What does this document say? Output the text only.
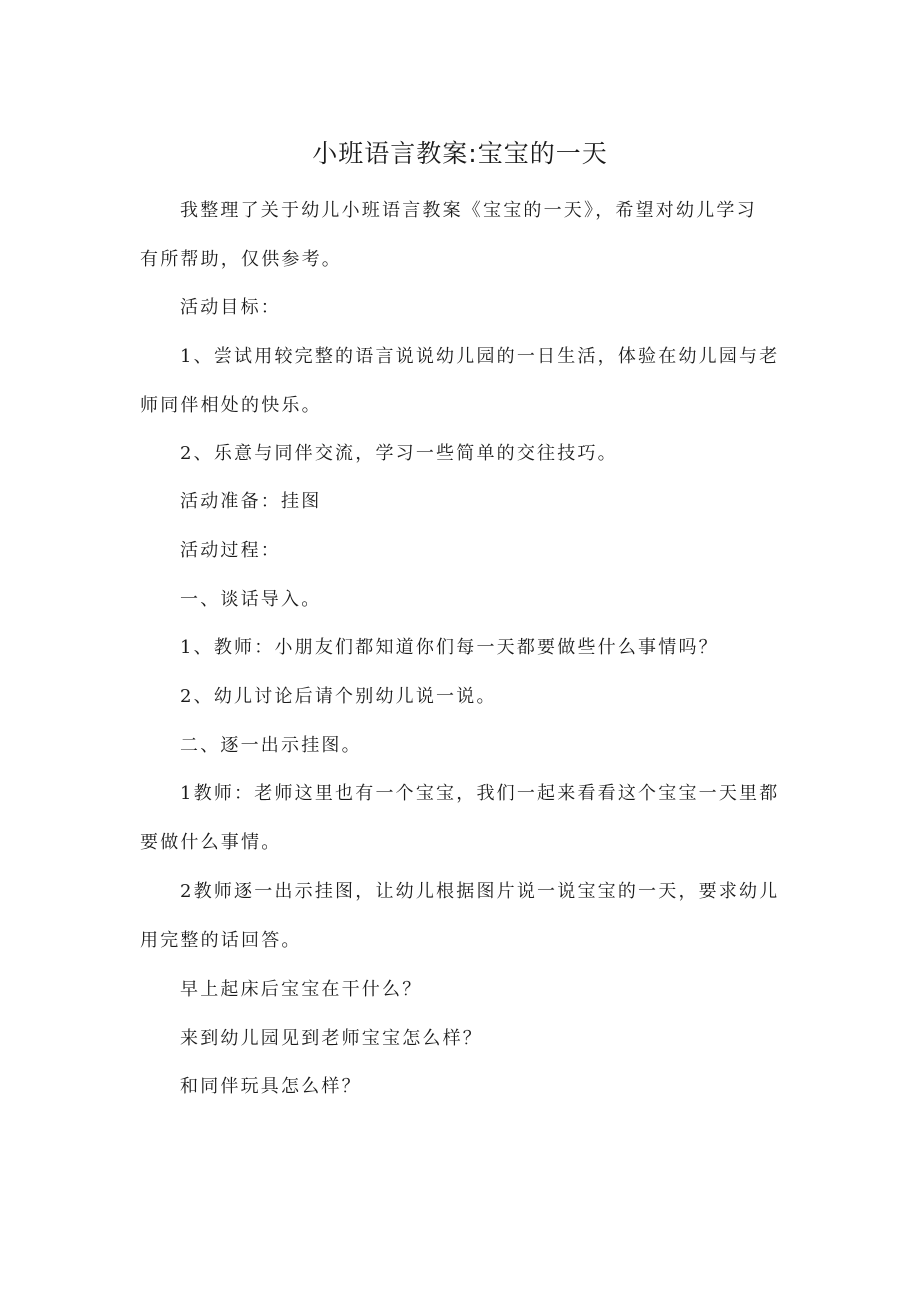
小班语言教案:宝宝的一天
我整理了关于幼儿小班语言教案《宝宝的一天》，希望对幼儿学习
有所帮助，仅供参考。
活动目标：
1、尝试用较完整的语言说说幼儿园的一日生活，体验在幼儿园与老
师同伴相处的快乐。
2、乐意与同伴交流，学习一些简单的交往技巧。
活动准备：挂图
活动过程：
一、谈话导入。
1、教师：小朋友们都知道你们每一天都要做些什么事情吗？
2、幼儿讨论后请个别幼儿说一说。
二、逐一出示挂图。
1教师：老师这里也有一个宝宝，我们一起来看看这个宝宝一天里都
要做什么事情。
2教师逐一出示挂图，让幼儿根据图片说一说宝宝的一天，要求幼儿
用完整的话回答。
早上起床后宝宝在干什么？
来到幼儿园见到老师宝宝怎么样？
和同伴玩具怎么样？
